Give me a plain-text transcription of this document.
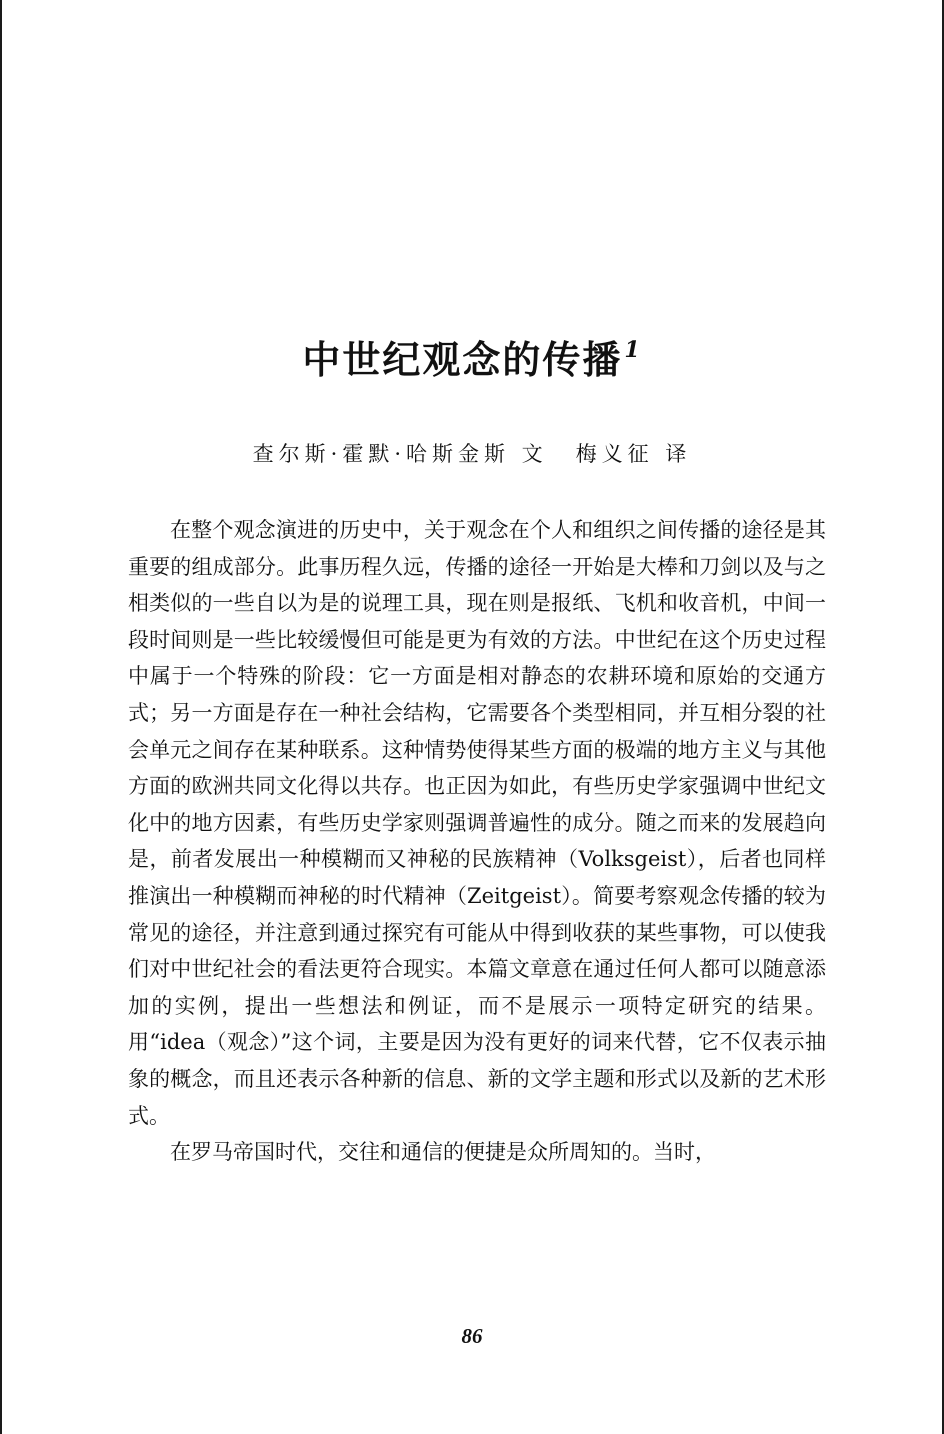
中世纪观念的传播$^1$
查尔斯·霍默·哈斯金斯 文 梅义征 译

在整个观念演进的历史中，关于观念在个人和组织之间传播的途径是其重要的组成部分。此事历程久远，传播的途径一开始是大棒和刀剑以及与之相类似的一些自以为是的说理工具，现在则是报纸、飞机和收音机，中间一段时间则是一些比较缓慢但可能是更为有效的方法。中世纪在这个历史过程中属于一个特殊的阶段：它一方面是相对静态的农耕环境和原始的交通方式；另一方面是存在一种社会结构，它需要各个类型相同，并互相分裂的社会单元之间存在某种联系。这种情势使得某些方面的极端的地方主义与其他方面的欧洲共同文化得以共存。也正因为如此，有些历史学家强调中世纪文化中的地方因素，有些历史学家则强调普遍性的成分。随之而来的发展趋向是，前者发展出一种模糊而又神秘的民族精神（Volksgeist），后者也同样推演出一种模糊而神秘的时代精神（Zeitgeist）。简要考察观念传播的较为常见的途径，并注意到通过探究有可能从中得到收获的某些事物，可以使我们对中世纪社会的看法更符合现实。本篇文章意在通过任何人都可以随意添加的实例，提出一些想法和例证，而不是展示一项特定研究的结果。用“idea（观念）”这个词，主要是因为没有更好的词来代替，它不仅表示抽象的概念，而且还表示各种新的信息、新的文学主题和形式以及新的艺术形式。

在罗马帝国时代，交往和通信的便捷是众所周知的。当时，

86
